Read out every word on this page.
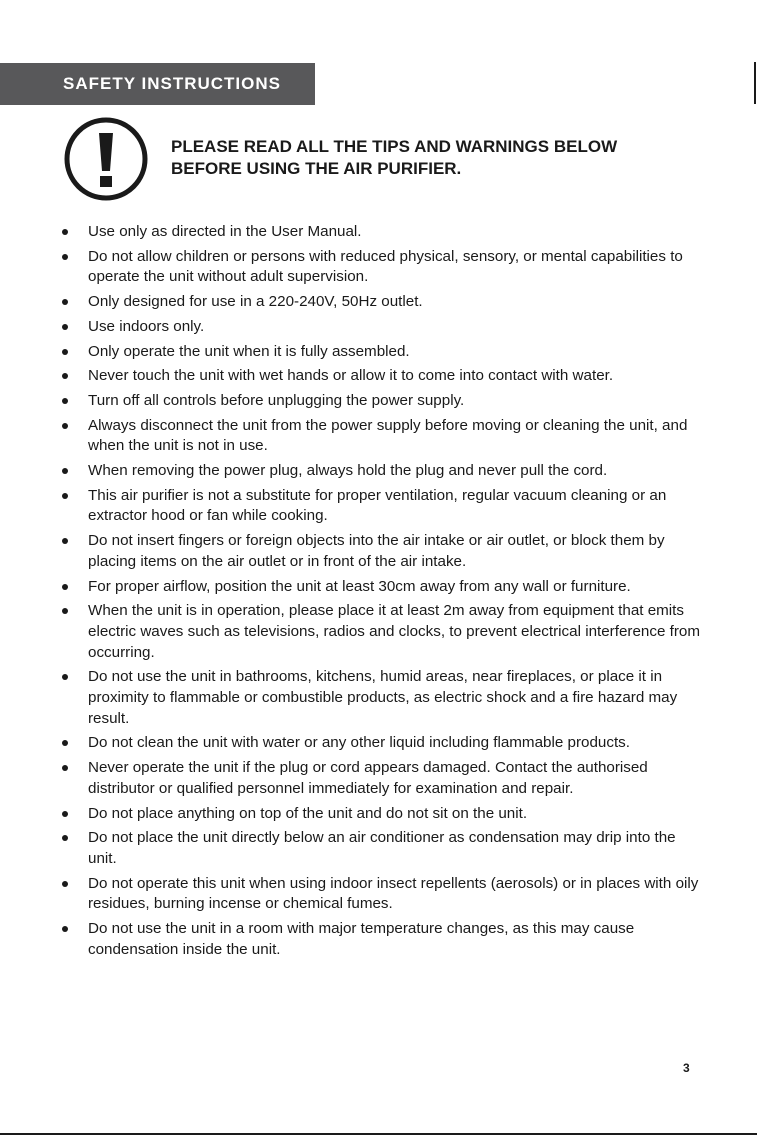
SAFETY INSTRUCTIONS
PLEASE READ ALL THE TIPS AND WARNINGS BELOW
BEFORE USING THE AIR PURIFIER.
Use only as directed in the User Manual.
Do not allow children or persons with reduced physical, sensory, or mental capabilities to operate the unit without adult supervision.
Only designed for use in a 220-240V, 50Hz outlet.
Use indoors only.
Only operate the unit when it is fully assembled.
Never touch the unit with wet hands or allow it to come into contact with water.
Turn off all controls before unplugging the power supply.
Always disconnect the unit from the power supply before moving or cleaning the unit, and when the unit is not in use.
When removing the power plug, always hold the plug and never pull the cord.
This air purifier is not a substitute for proper ventilation, regular vacuum cleaning or an extractor hood or fan while cooking.
Do not insert fingers or foreign objects into the air intake or air outlet, or block them by placing items on the air outlet or in front of the air intake.
For proper airflow, position the unit at least 30cm away from any wall or furniture.
When the unit is in operation, please place it at least 2m away from equipment that emits electric waves such as televisions, radios and clocks, to prevent electrical interference from occurring.
Do not use the unit in bathrooms, kitchens, humid areas, near fireplaces, or place it in proximity to flammable or combustible products, as electric shock and a fire hazard may result.
Do not clean the unit with water or any other liquid including flammable products.
Never operate the unit if the plug or cord appears damaged. Contact the authorised distributor or qualified personnel immediately for examination and repair.
Do not place anything on top of the unit and do not sit on the unit.
Do not place the unit directly below an air conditioner as condensation may drip into the unit.
Do not operate this unit when using indoor insect repellents (aerosols) or in places with oily residues, burning incense or chemical fumes.
Do not use the unit in a room with major temperature changes, as this may cause condensation inside the unit.
3
